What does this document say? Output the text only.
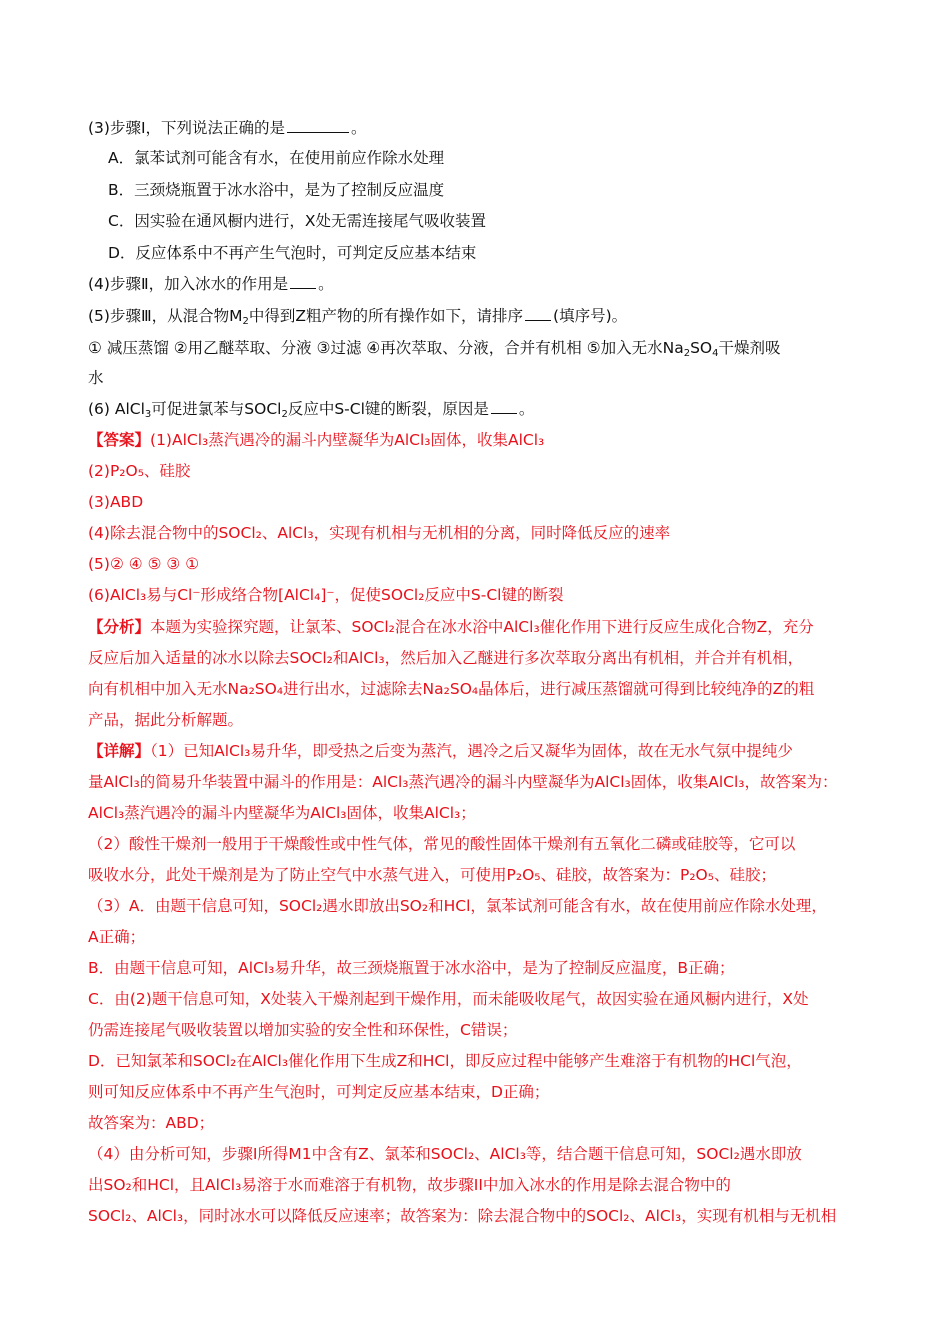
(3)步骤Ⅰ，下列说法正确的是	。
A．氯苯试剂可能含有水，在使用前应作除水处理
B．三颈烧瓶置于冰水浴中，是为了控制反应温度
C．因实验在通风橱内进行，X处无需连接尾气吸收装置
D．反应体系中不再产生气泡时，可判定反应基本结束
(4)步骤Ⅱ，加入冰水的作用是 。
(5)步骤Ⅲ，从混合物$M_2$中得到Z粗产物的所有操作如下，请排序 (填序号)。
① 减压蒸馏 ②用乙醚萃取、分液 ③过滤 ④再次萃取、分液，合并有机相 ⑤加入无水$Na_2SO_4$干燥剂吸
水
(6) AlCl$_3$可促进氯苯与SOCl$_2$反应中S-Cl键的断裂，原因是 。
【答案】(1)AlCl₃蒸汽遇冷的漏斗内壁凝华为AlCl₃固体，收集AlCl₃
(2)P₂O₅、硅胶
(3)ABD
(4)除去混合物中的SOCl₂、AlCl₃，实现有机相与无机相的分离，同时降低反应的速率
(5)② ④ ⑤ ③ ①
(6)AlCl₃易与Cl⁻形成络合物[AlCl₄]⁻，促使SOCl₂反应中S-Cl键的断裂
【分析】本题为实验探究题，让氯苯、SOCl₂混合在冰水浴中AlCl₃催化作用下进行反应生成化合物Z，充分
反应后加入适量的冰水以除去SOCl₂和AlCl₃，然后加入乙醚进行多次萃取分离出有机相，并合并有机相，
向有机相中加入无水Na₂SO₄进行出水，过滤除去Na₂SO₄晶体后，进行减压蒸馏就可得到比较纯净的Z的粗
产品，据此分析解题。
【详解】（1）已知AlCl₃易升华，即受热之后变为蒸汽，遇冷之后又凝华为固体，故在无水气氛中提纯少
量AlCl₃的简易升华装置中漏斗的作用是：AlCl₃蒸汽遇冷的漏斗内壁凝华为AlCl₃固体，收集AlCl₃，故答案为：
AlCl₃蒸汽遇冷的漏斗内壁凝华为AlCl₃固体，收集AlCl₃；
（2）酸性干燥剂一般用于干燥酸性或中性气体，常见的酸性固体干燥剂有五氧化二磷或硅胶等，它可以
吸收水分，此处干燥剂是为了防止空气中水蒸气进入，可使用P₂O₅、硅胶，故答案为：P₂O₅、硅胶；
（3）A．由题干信息可知，SOCl₂遇水即放出SO₂和HCl，氯苯试剂可能含有水，故在使用前应作除水处理，
A正确；
B．由题干信息可知，AlCl₃易升华，故三颈烧瓶置于冰水浴中，是为了控制反应温度，B正确；
C．由(2)题干信息可知，X处装入干燥剂起到干燥作用，而未能吸收尾气，故因实验在通风橱内进行，X处
仍需连接尾气吸收装置以增加实验的安全性和环保性，C错误；
D．已知氯苯和SOCl₂在AlCl₃催化作用下生成Z和HCl，即反应过程中能够产生难溶于有机物的HCl气泡，
则可知反应体系中不再产生气泡时，可判定反应基本结束，D正确；
故答案为：ABD；
（4）由分析可知，步骤Ⅰ所得M1中含有Z、氯苯和SOCl₂、AlCl₃等，结合题干信息可知，SOCl₂遇水即放
出SO₂和HCl，且AlCl₃易溶于水而难溶于有机物，故步骤II中加入冰水的作用是除去混合物中的
SOCl₂、AlCl₃，同时冰水可以降低反应速率；故答案为：除去混合物中的SOCl₂、AlCl₃，实现有机相与无机相
